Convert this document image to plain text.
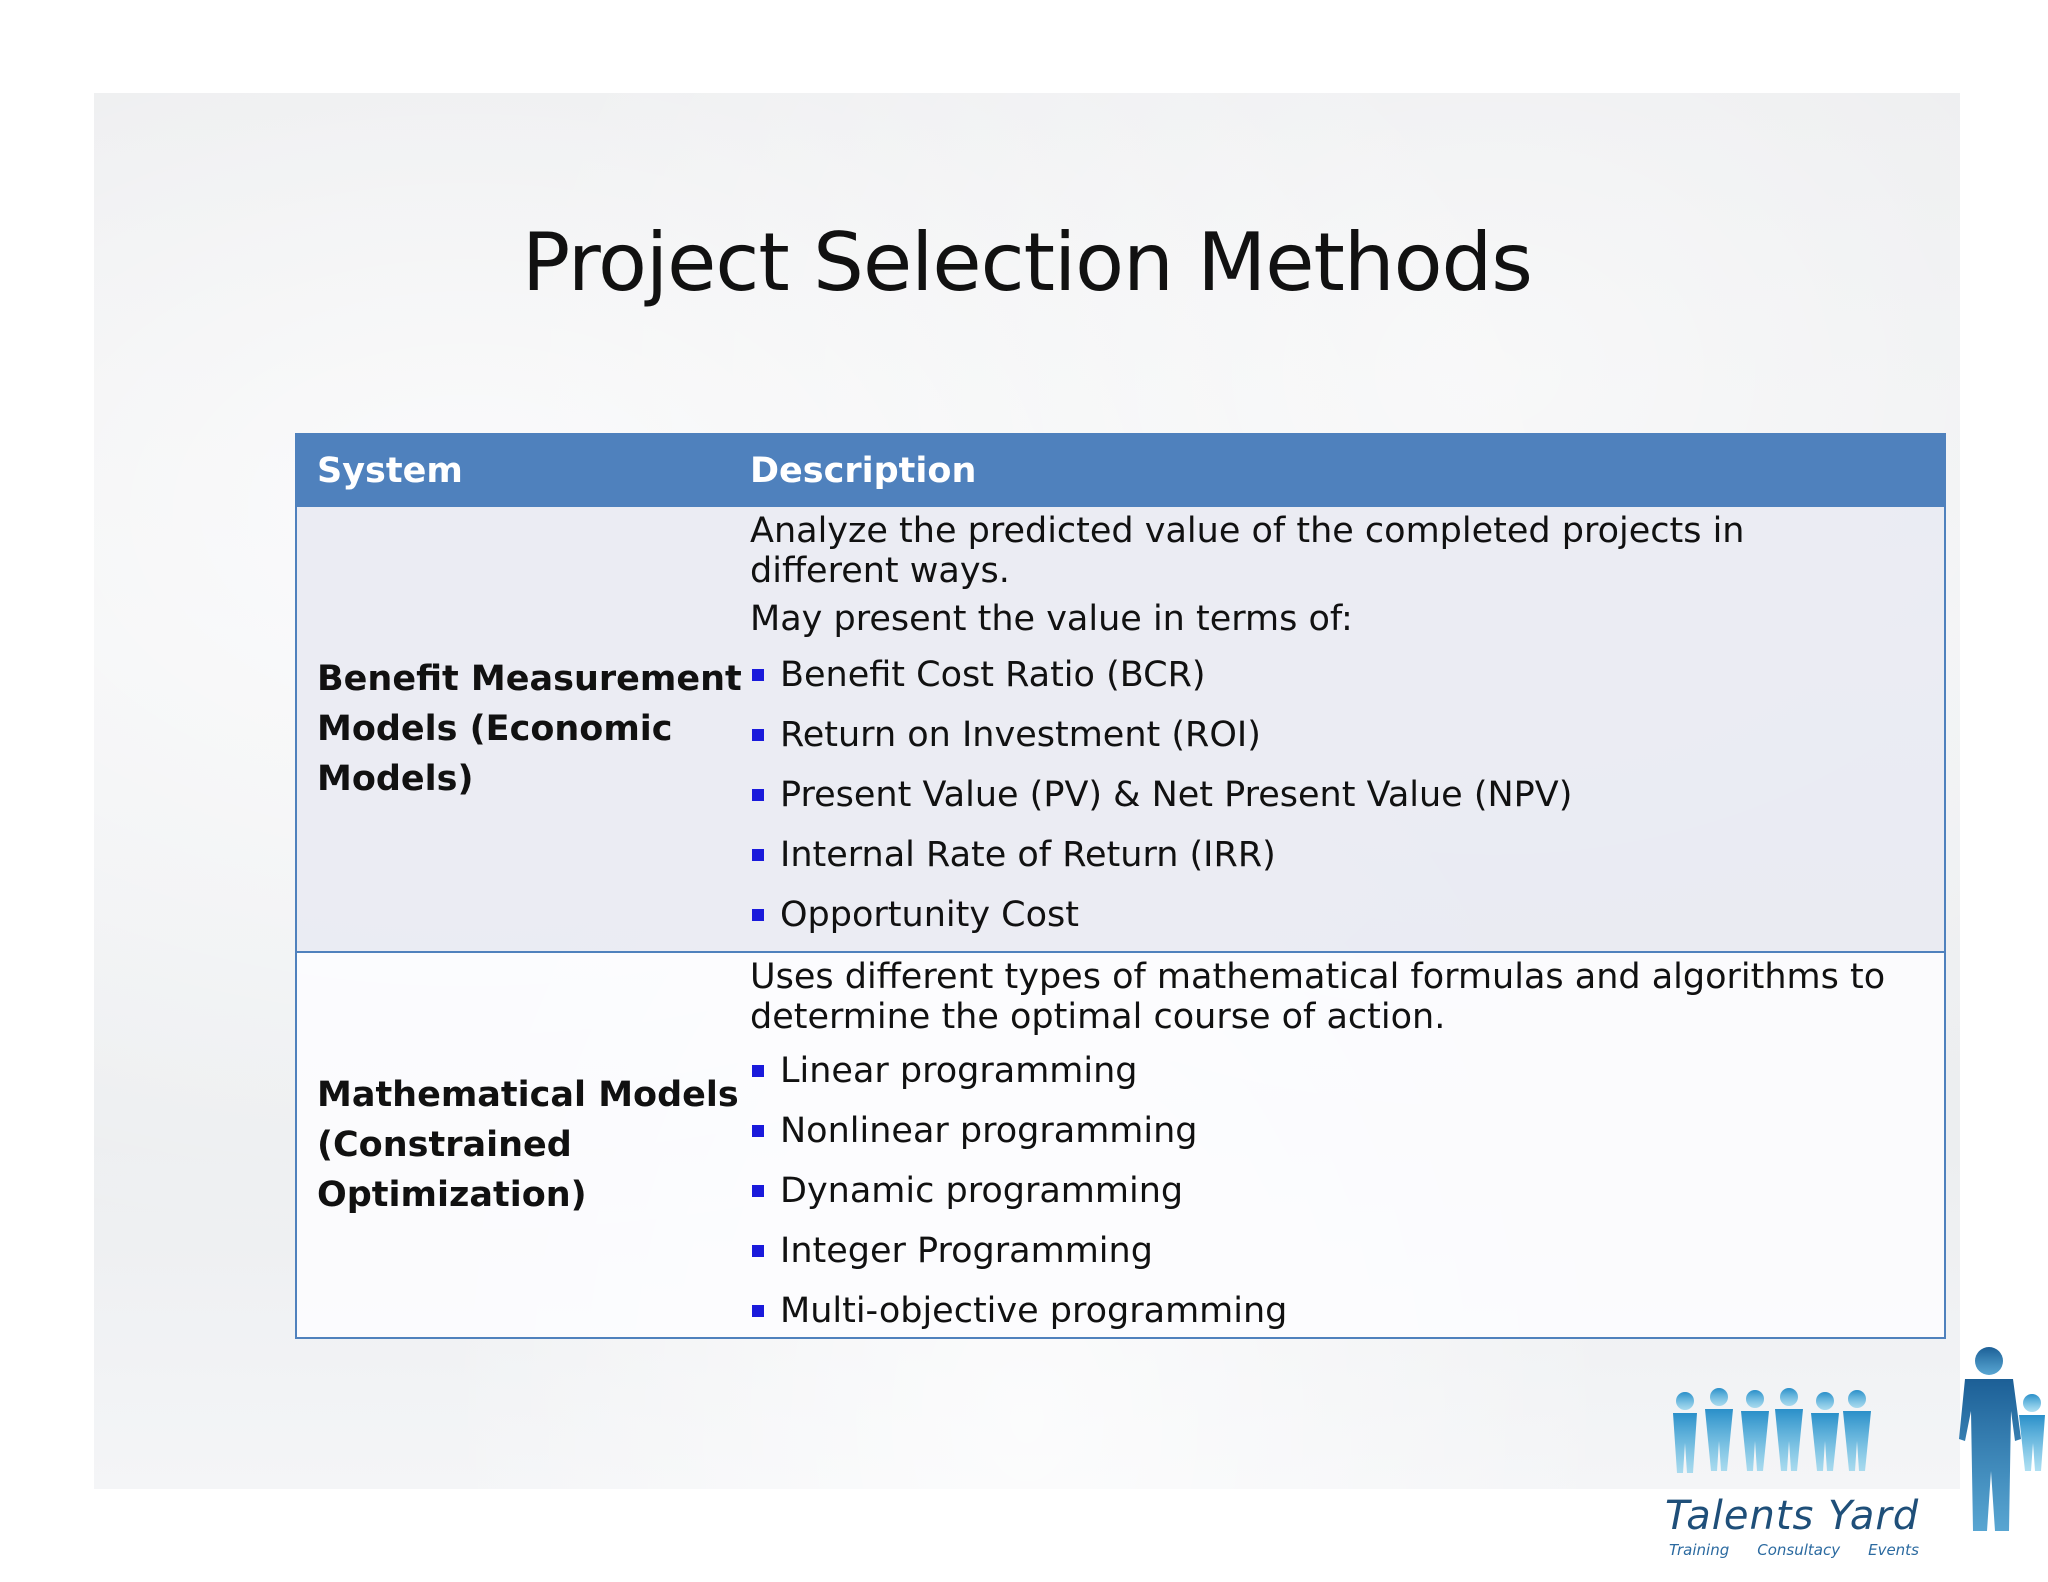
Project Selection Methods
System	Description
Benefit Measurement Models (Economic Models)

Analyze the predicted value of the completed projects in different ways.

May present the value in terms of:

Benefit Cost Ratio (BCR)
Return on Investment (ROI)
Present Value (PV) & Net Present Value (NPV)
Internal Rate of Return (IRR)
Opportunity Cost
Mathematical Models (Constrained Optimization)

Uses different types of mathematical formulas and algorithms to determine the optimal course of action.

Linear programming
Nonlinear programming
Dynamic programming
Integer Programming
Multi-objective programming
Talents Yard
Training Consultacy Events
